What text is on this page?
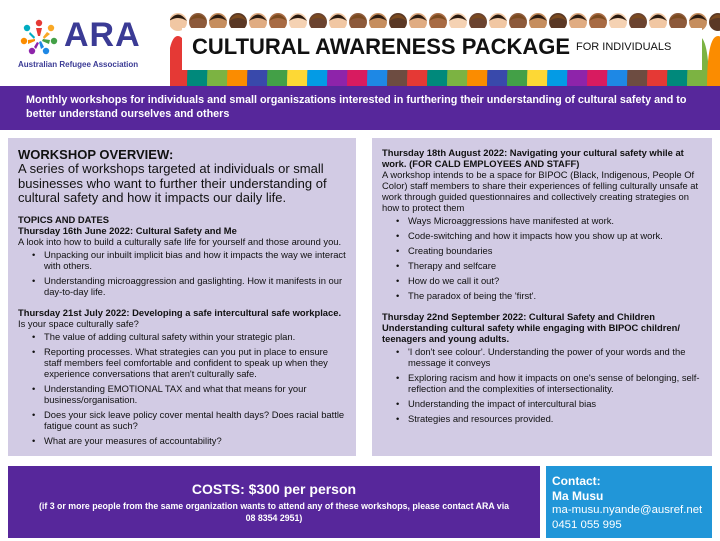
ARA
Australian Refugee Association
CULTURAL AWARENESS PACKAGE FOR INDIVIDUALS
Monthly workshops for individuals and small organiszations interested in furthering their understanding of cultural safety and to better understand ourselves and others
WORKSHOP OVERVIEW:
A series of workshops targeted at individuals or small businesses who want to further their understanding of cultural safety and how it impacts our daily life.
TOPICS AND DATES
Thursday 16th June 2022: Cultural Safety and Me
A look into how to build a culturally safe life for yourself and those around you.
• Unpacking our inbuilt implicit bias and how it impacts the way we interact with others.
• Understanding microaggression and gaslighting. How it manifests in our day-to-day life.
Thursday 21st July 2022: Developing a safe intercultural safe workplace.
Is your space culturally safe?
• The value of adding cultural safety within your strategic plan.
• Reporting processes. What strategies can you put in place to ensure staff members feel comfortable and confident to speak up when they experience conversations that aren't culturally safe.
• Understanding EMOTIONAL TAX and what that means for your business/organisation.
• Does your sick leave policy cover mental health days? Does racial battle fatigue count as such?
• What are your measures of accountability?
Thursday 18th August 2022: Navigating your cultural safety while at work. (FOR CALD EMPLOYEES AND STAFF)
A workshop intends to be a space for BIPOC (Black, Indigenous, People Of Color) staff members to share their experiences of felling culturally unsafe at work through guided questionnaires and collectively creating strategies on how to protect them
• Ways Microaggressions have manifested at work.
• Code-switching and how it impacts how you show up at work.
• Creating boundaries
• Therapy and selfcare
• How do we call it out?
• The paradox of being the 'first'.
Thursday 22nd September 2022: Cultural Safety and Children
Understanding cultural safety while engaging with BIPOC children/ teenagers and young adults.
• 'I don't see colour'. Understanding the power of your words and the message it conveys
• Exploring racism and how it impacts on one's sense of belonging, self-reflection and the complexities of intersectionality.
• Understanding the impact of intercultural bias
• Strategies and resources provided.
COSTS: $300 per person
(if 3 or more people from the same organization wants to attend any of these workshops, please contact ARA via 08 8354 2951)
Contact:
Ma Musu
ma-musu.nyande@ausref.net
0451 055 995
